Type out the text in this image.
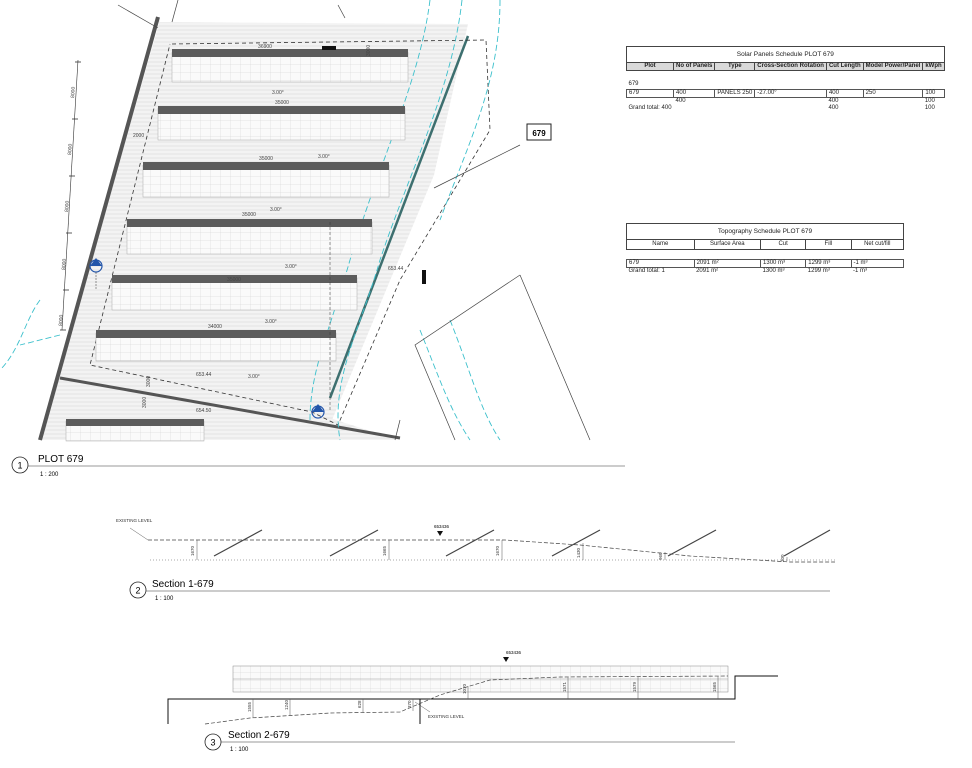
36900
35000
35000
35000
35000
34000
3.00°
3.00°
3.00°
3.00°
3.00°
3.00°
8000
8000
8000
8000
8000
2000
3000
3000
3000
653.44
653.44
654.50
679
1
PLOT 679
1 : 200
2
Section 1-679
1 : 100
3
Section 2-679
1 : 100
EXISTING LEVEL
653436
1670	1665	1670	1430	960	300
653436
EXISTING LEVEL
1555	1240	628	370
1070	1571	1579	1565
Solar Panels Schedule PLOT 679						
Plot	No of Panels	Type	Cross-Section Rotation	Cut Length	Model Power/Panel	kWph

679						
679	400	PANELS 250	-27.00°	400	250	100
	400			400		100
Grand total: 400				400		100
Topography Schedule PLOT 679				
Name	Surface Area	Cut	Fill	Net cut/fill

679	2091 m²	1300 m³	1299 m³	-1 m³
Grand total: 1	2091 m²	1300 m³	1299 m³	-1 m³
